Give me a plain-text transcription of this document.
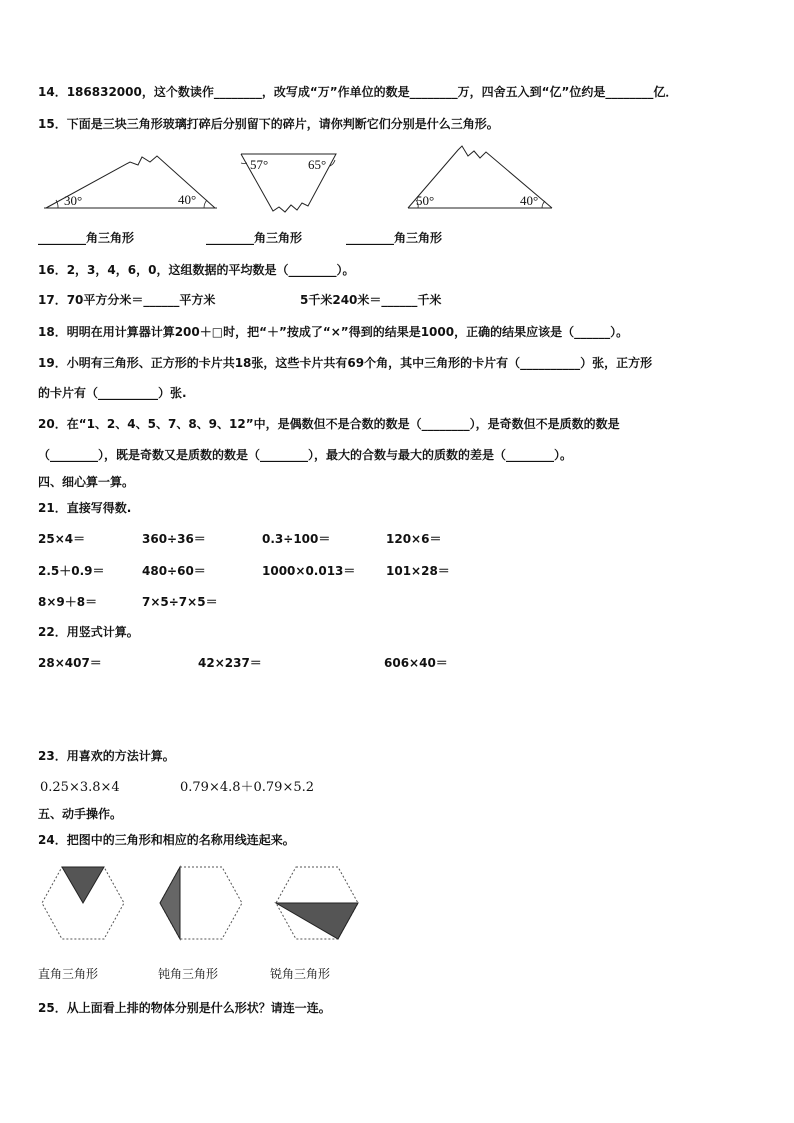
14．186832000，这个数读作________，改写成“万”作单位的数是________万，四舍五入到“亿”位约是________亿．
15．下面是三块三角形玻璃打碎后分别留下的碎片，请你判断它们分别是什么三角形。
30°	40°
57°	65°
50°	40°
________角三角形	________角三角形	________角三角形
16．2，3，4，6，0，这组数据的平均数是（________）。
17．70平方分米＝______平方米	5千米240米＝______千米
18．明明在用计算器计算200＋□时，把“＋”按成了“×”得到的结果是1000，正确的结果应该是（______）。
19．小明有三角形、正方形的卡片共18张，这些卡片共有69个角，其中三角形的卡片有（__________）张，正方形
的卡片有（__________）张.
20．在“1、2、4、5、7、8、9、12”中，是偶数但不是合数的数是（________），是奇数但不是质数的数是
（________），既是奇数又是质数的数是（________），最大的合数与最大的质数的差是（________）。
四、细心算一算。
21．直接写得数.
25×4＝	360÷36＝	0.3÷100＝	120×6＝
2.5＋0.9＝	480÷60＝	1000×0.013＝	101×28＝
8×9＋8＝	7×5÷7×5＝
22．用竖式计算。
28×407＝	42×237＝	606×40＝
23．用喜欢的方法计算。
0.25×3.8×4	0.79×4.8＋0.79×5.2
五、动手操作。
24．把图中的三角形和相应的名称用线连起来。
直角三角形	钝角三角形	锐角三角形
25．从上面看上排的物体分别是什么形状？请连一连。
